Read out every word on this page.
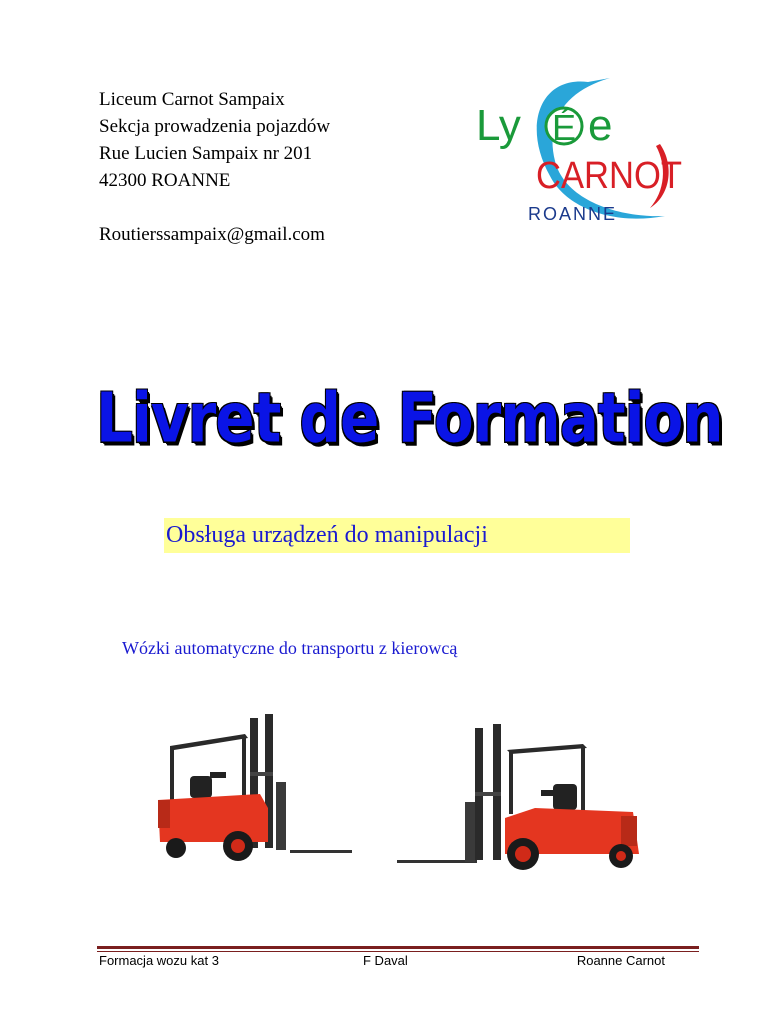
Liceum Carnot Sampaix
Sekcja prowadzenia pojazdów
Rue Lucien Sampaix nr 201
42300 ROANNE
Routierssampaix@gmail.com
Ly É e
CARNOT
ROANNE
Livret de Formation
Obsługa urządzeń do manipulacji
Wózki automatyczne do transportu z kierowcą
Formacja wozu kat 3	F Daval	Roanne Carnot
